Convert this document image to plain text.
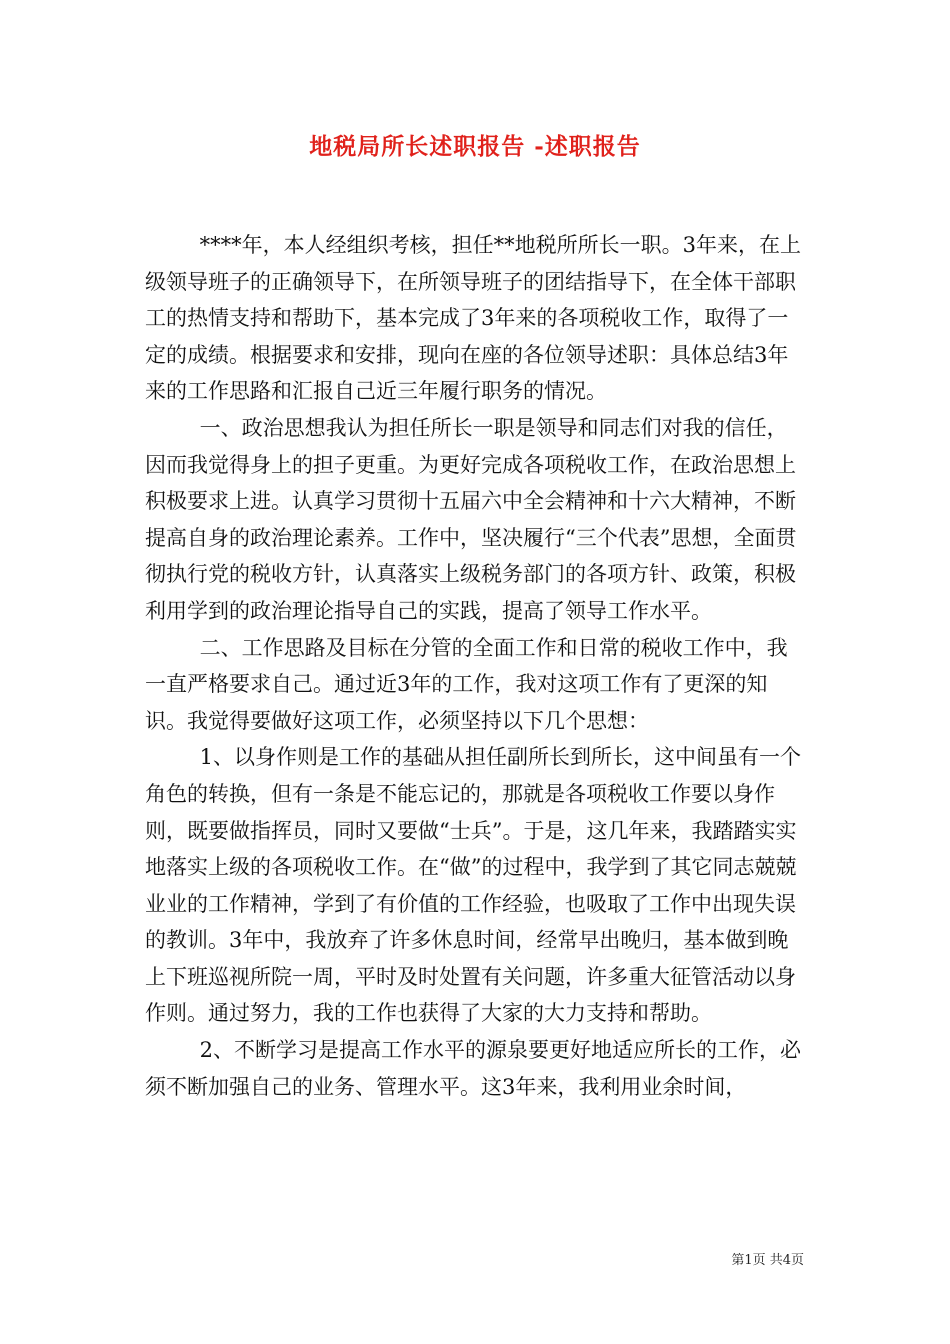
地税局所长述职报告 -述职报告

****年，本人经组织考核，担任**地税所所长一职。3年来，在上级领导班子的正确领导下，在所领导班子的团结指导下，在全体干部职工的热情支持和帮助下，基本完成了3年来的各项税收工作，取得了一定的成绩。根据要求和安排，现向在座的各位领导述职：具体总结3年来的工作思路和汇报自己近三年履行职务的情况。

一、政治思想我认为担任所长一职是领导和同志们对我的信任，因而我觉得身上的担子更重。为更好完成各项税收工作，在政治思想上积极要求上进。认真学习贯彻十五届六中全会精神和十六大精神，不断提高自身的政治理论素养。工作中，坚决履行“三个代表”思想，全面贯彻执行党的税收方针，认真落实上级税务部门的各项方针、政策，积极利用学到的政治理论指导自己的实践，提高了领导工作水平。

二、工作思路及目标在分管的全面工作和日常的税收工作中，我一直严格要求自己。通过近3年的工作，我对这项工作有了更深的知识。我觉得要做好这项工作，必须坚持以下几个思想：

1、以身作则是工作的基础从担任副所长到所长，这中间虽有一个角色的转换，但有一条是不能忘记的，那就是各项税收工作要以身作则，既要做指挥员，同时又要做“士兵”。于是，这几年来，我踏踏实实地落实上级的各项税收工作。在“做”的过程中，我学到了其它同志兢兢业业的工作精神，学到了有价值的工作经验，也吸取了工作中出现失误的教训。3年中，我放弃了许多休息时间，经常早出晚归，基本做到晚上下班巡视所院一周，平时及时处置有关问题，许多重大征管活动以身作则。通过努力，我的工作也获得了大家的大力支持和帮助。

2、不断学习是提高工作水平的源泉要更好地适应所长的工作，必须不断加强自己的业务、管理水平。这3年来，我利用业余时间，

第1页 共4页
